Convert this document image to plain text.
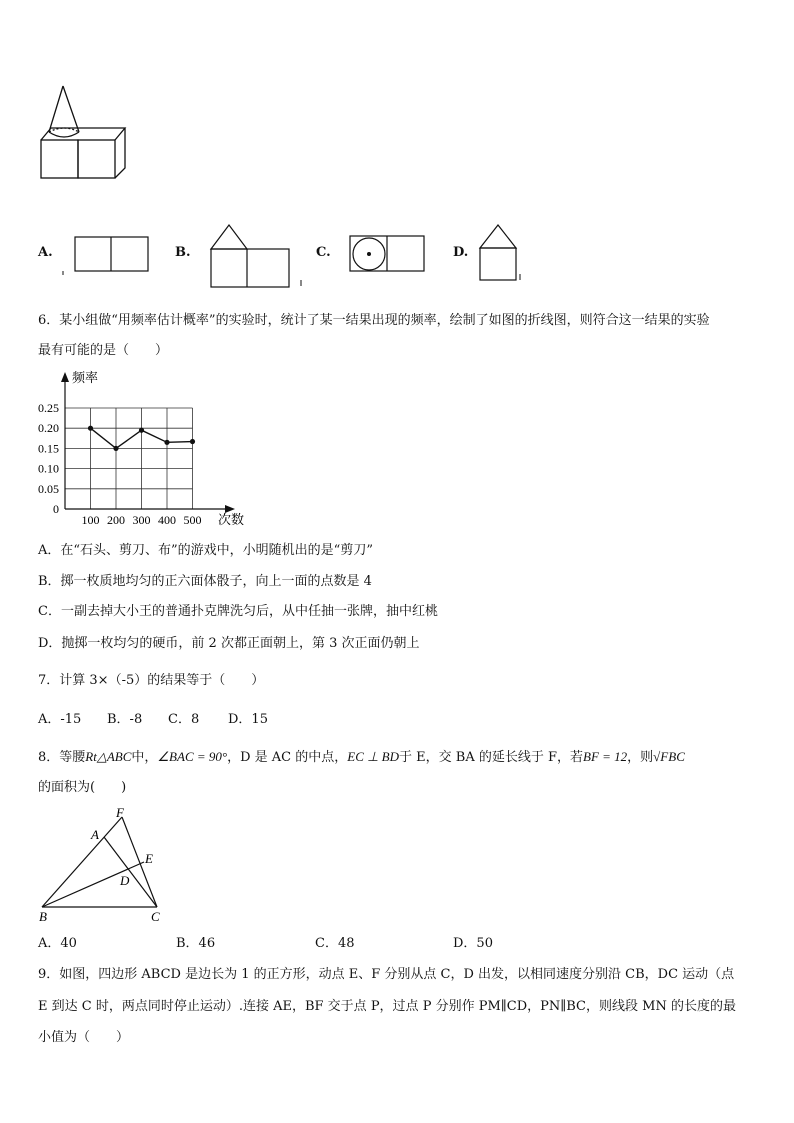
A.	B.	C.	D.
6．某小组做“用频率估计概率”的实验时，统计了某一结果出现的频率，绘制了如图的折线图，则符合这一结果的实验
最有可能的是（　　）
0
0.05
0.10
0.15
0.20
0.25
100 200 300 400 500
频率
次数
A．在“石头、剪刀、布”的游戏中，小明随机出的是“剪刀”
B．掷一枚质地均匀的正六面体骰子，向上一面的点数是 4
C．一副去掉大小王的普通扑克牌洗匀后，从中任抽一张牌，抽中红桃
D．抛掷一枚均匀的硬币，前 2 次都正面朝上，第 3 次正面仍朝上
7．计算 3×（-5）的结果等于（　　）
A．-15 B．-8 C．8 D．15
8．等腰Rt△ABC中，∠BAC = 90°，D 是 AC 的中点，EC ⊥ BD于 E，交 BA 的延长线于 F，若BF = 12，则√FBC
的面积为(　　)
F
A
E
D
B	C
A．40	B．46	C．48	D．50
9．如图，四边形 ABCD 是边长为 1 的正方形，动点 E、F 分别从点 C，D 出发，以相同速度分别沿 CB，DC 运动（点
E 到达 C 时，两点同时停止运动）.连接 AE，BF 交于点 P，过点 P 分别作 PM∥CD，PN∥BC，则线段 MN 的长度的最
小值为（　　）
